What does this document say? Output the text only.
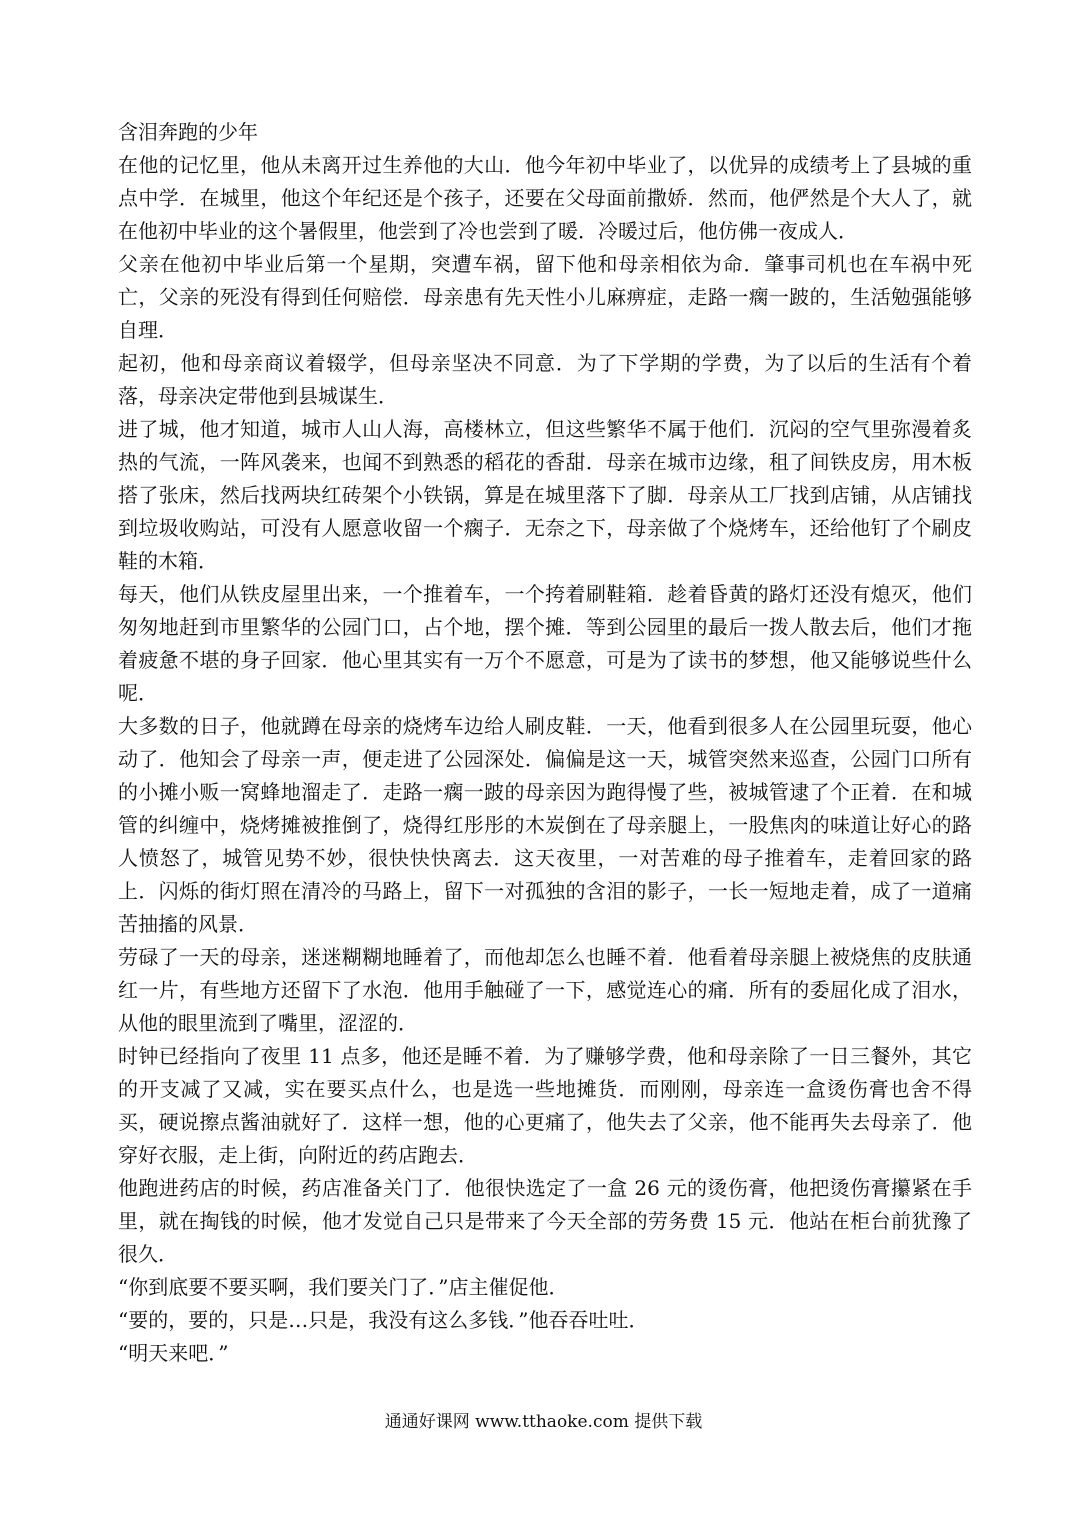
含泪奔跑的少年

在他的记忆里，他从未离开过生养他的大山．他今年初中毕业了，以优异的成绩考上了县城的重点中学．在城里，他这个年纪还是个孩子，还要在父母面前撒娇．然而，他俨然是个大人了，就在他初中毕业的这个暑假里，他尝到了冷也尝到了暖．冷暖过后，他仿佛一夜成人．

父亲在他初中毕业后第一个星期，突遭车祸，留下他和母亲相依为命．肇事司机也在车祸中死亡，父亲的死没有得到任何赔偿．母亲患有先天性小儿麻痹症，走路一瘸一跛的，生活勉强能够自理．

起初，他和母亲商议着辍学，但母亲坚决不同意．为了下学期的学费，为了以后的生活有个着落，母亲决定带他到县城谋生．

进了城，他才知道，城市人山人海，高楼林立，但这些繁华不属于他们．沉闷的空气里弥漫着炙热的气流，一阵风袭来，也闻不到熟悉的稻花的香甜．母亲在城市边缘，租了间铁皮房，用木板搭了张床，然后找两块红砖架个小铁锅，算是在城里落下了脚．母亲从工厂找到店铺，从店铺找到垃圾收购站，可没有人愿意收留一个瘸子．无奈之下，母亲做了个烧烤车，还给他钉了个刷皮鞋的木箱．

每天，他们从铁皮屋里出来，一个推着车，一个挎着刷鞋箱．趁着昏黄的路灯还没有熄灭，他们匆匆地赶到市里繁华的公园门口，占个地，摆个摊．等到公园里的最后一拨人散去后，他们才拖着疲惫不堪的身子回家．他心里其实有一万个不愿意，可是为了读书的梦想，他又能够说些什么呢．

大多数的日子，他就蹲在母亲的烧烤车边给人刷皮鞋．一天，他看到很多人在公园里玩耍，他心动了．他知会了母亲一声，便走进了公园深处．偏偏是这一天，城管突然来巡查，公园门口所有的小摊小贩一窝蜂地溜走了．走路一瘸一跛的母亲因为跑得慢了些，被城管逮了个正着．在和城管的纠缠中，烧烤摊被推倒了，烧得红彤彤的木炭倒在了母亲腿上，一股焦肉的味道让好心的路人愤怒了，城管见势不妙，很快快快离去．这天夜里，一对苦难的母子推着车，走着回家的路上．闪烁的街灯照在清冷的马路上，留下一对孤独的含泪的影子，一长一短地走着，成了一道痛苦抽搐的风景．

劳碌了一天的母亲，迷迷糊糊地睡着了，而他却怎么也睡不着．他看着母亲腿上被烧焦的皮肤通红一片，有些地方还留下了水泡．他用手触碰了一下，感觉连心的痛．所有的委屈化成了泪水，从他的眼里流到了嘴里，涩涩的．

时钟已经指向了夜里 11 点多，他还是睡不着．为了赚够学费，他和母亲除了一日三餐外，其它的开支减了又减，实在要买点什么，也是选一些地摊货．而刚刚，母亲连一盒烫伤膏也舍不得买，硬说擦点酱油就好了．这样一想，他的心更痛了，他失去了父亲，他不能再失去母亲了．他穿好衣服，走上街，向附近的药店跑去．

他跑进药店的时候，药店准备关门了．他很快选定了一盒 26 元的烫伤膏，他把烫伤膏攥紧在手里，就在掏钱的时候，他才发觉自己只是带来了今天全部的劳务费 15 元．他站在柜台前犹豫了很久．

“你到底要不要买啊，我们要关门了．”店主催促他．

“要的，要的，只是…只是，我没有这么多钱．”他吞吞吐吐．

“明天来吧．”

通通好课网 www.tthaoke.com 提供下载
